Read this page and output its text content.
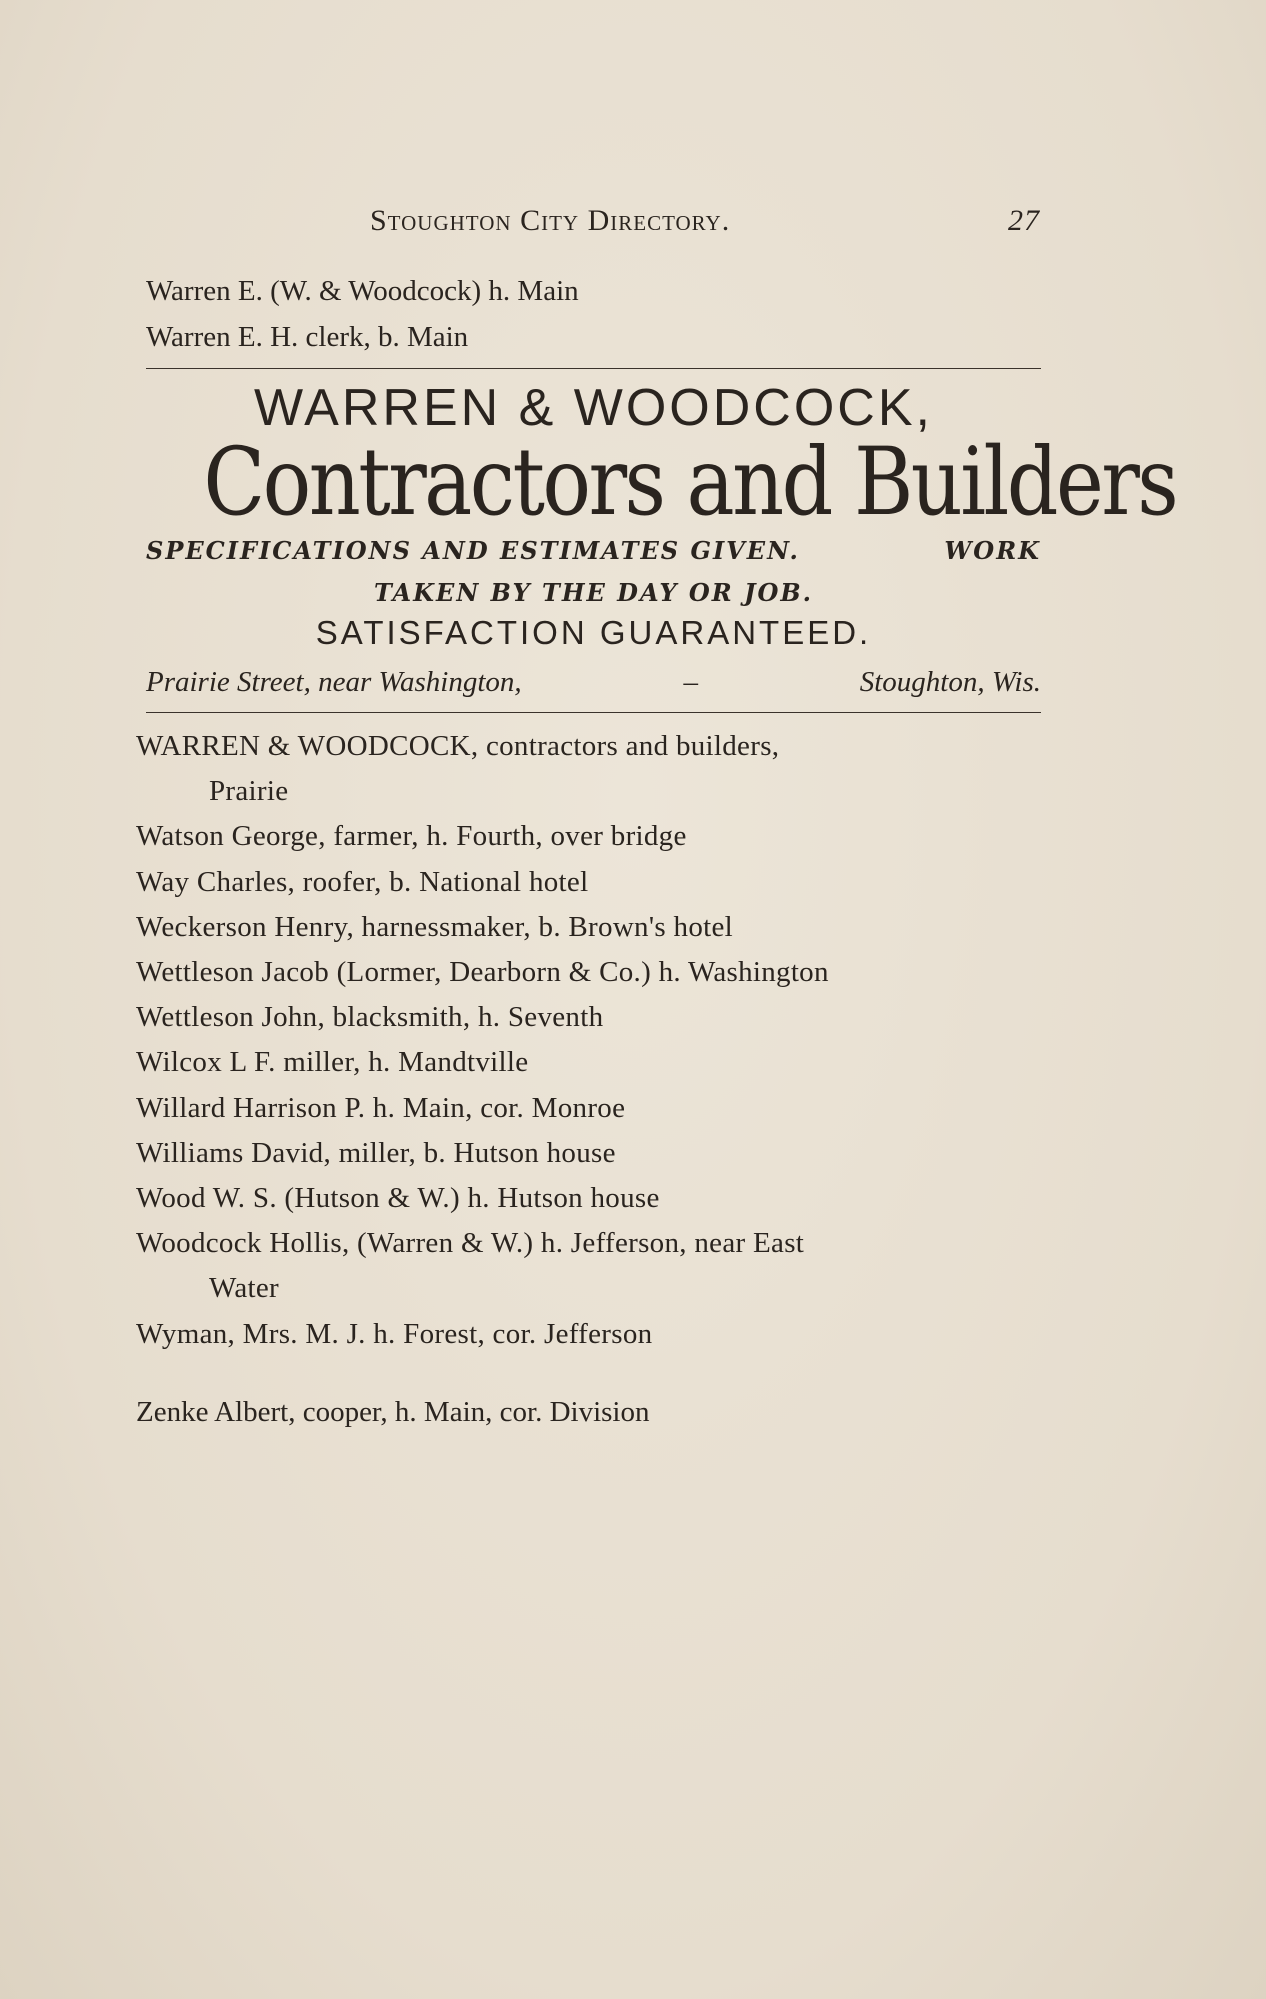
Stoughton City Directory.	27
Warren E. (W. & Woodcock) h. Main
Warren E. H. clerk, b. Main
WARREN & WOODCOCK,
Contractors and Builders
SPECIFICATIONS AND ESTIMATES GIVEN.	WORK
TAKEN BY THE DAY OR JOB.
SATISFACTION GUARANTEED.
Prairie Street, near Washington,	–	Stoughton, Wis.
WARREN & WOODCOCK, contractors and builders,
Prairie
Watson George, farmer, h. Fourth, over bridge
Way Charles, roofer, b. National hotel
Weckerson Henry, harnessmaker, b. Brown's hotel
Wettleson Jacob (Lormer, Dearborn & Co.) h. Washington
Wettleson John, blacksmith, h. Seventh
Wilcox L F. miller, h. Mandtville
Willard Harrison P. h. Main, cor. Monroe
Williams David, miller, b. Hutson house
Wood W. S. (Hutson & W.) h. Hutson house
Woodcock Hollis, (Warren & W.) h. Jefferson, near East
Water
Wyman, Mrs. M. J. h. Forest, cor. Jefferson
Zenke Albert, cooper, h. Main, cor. Division
